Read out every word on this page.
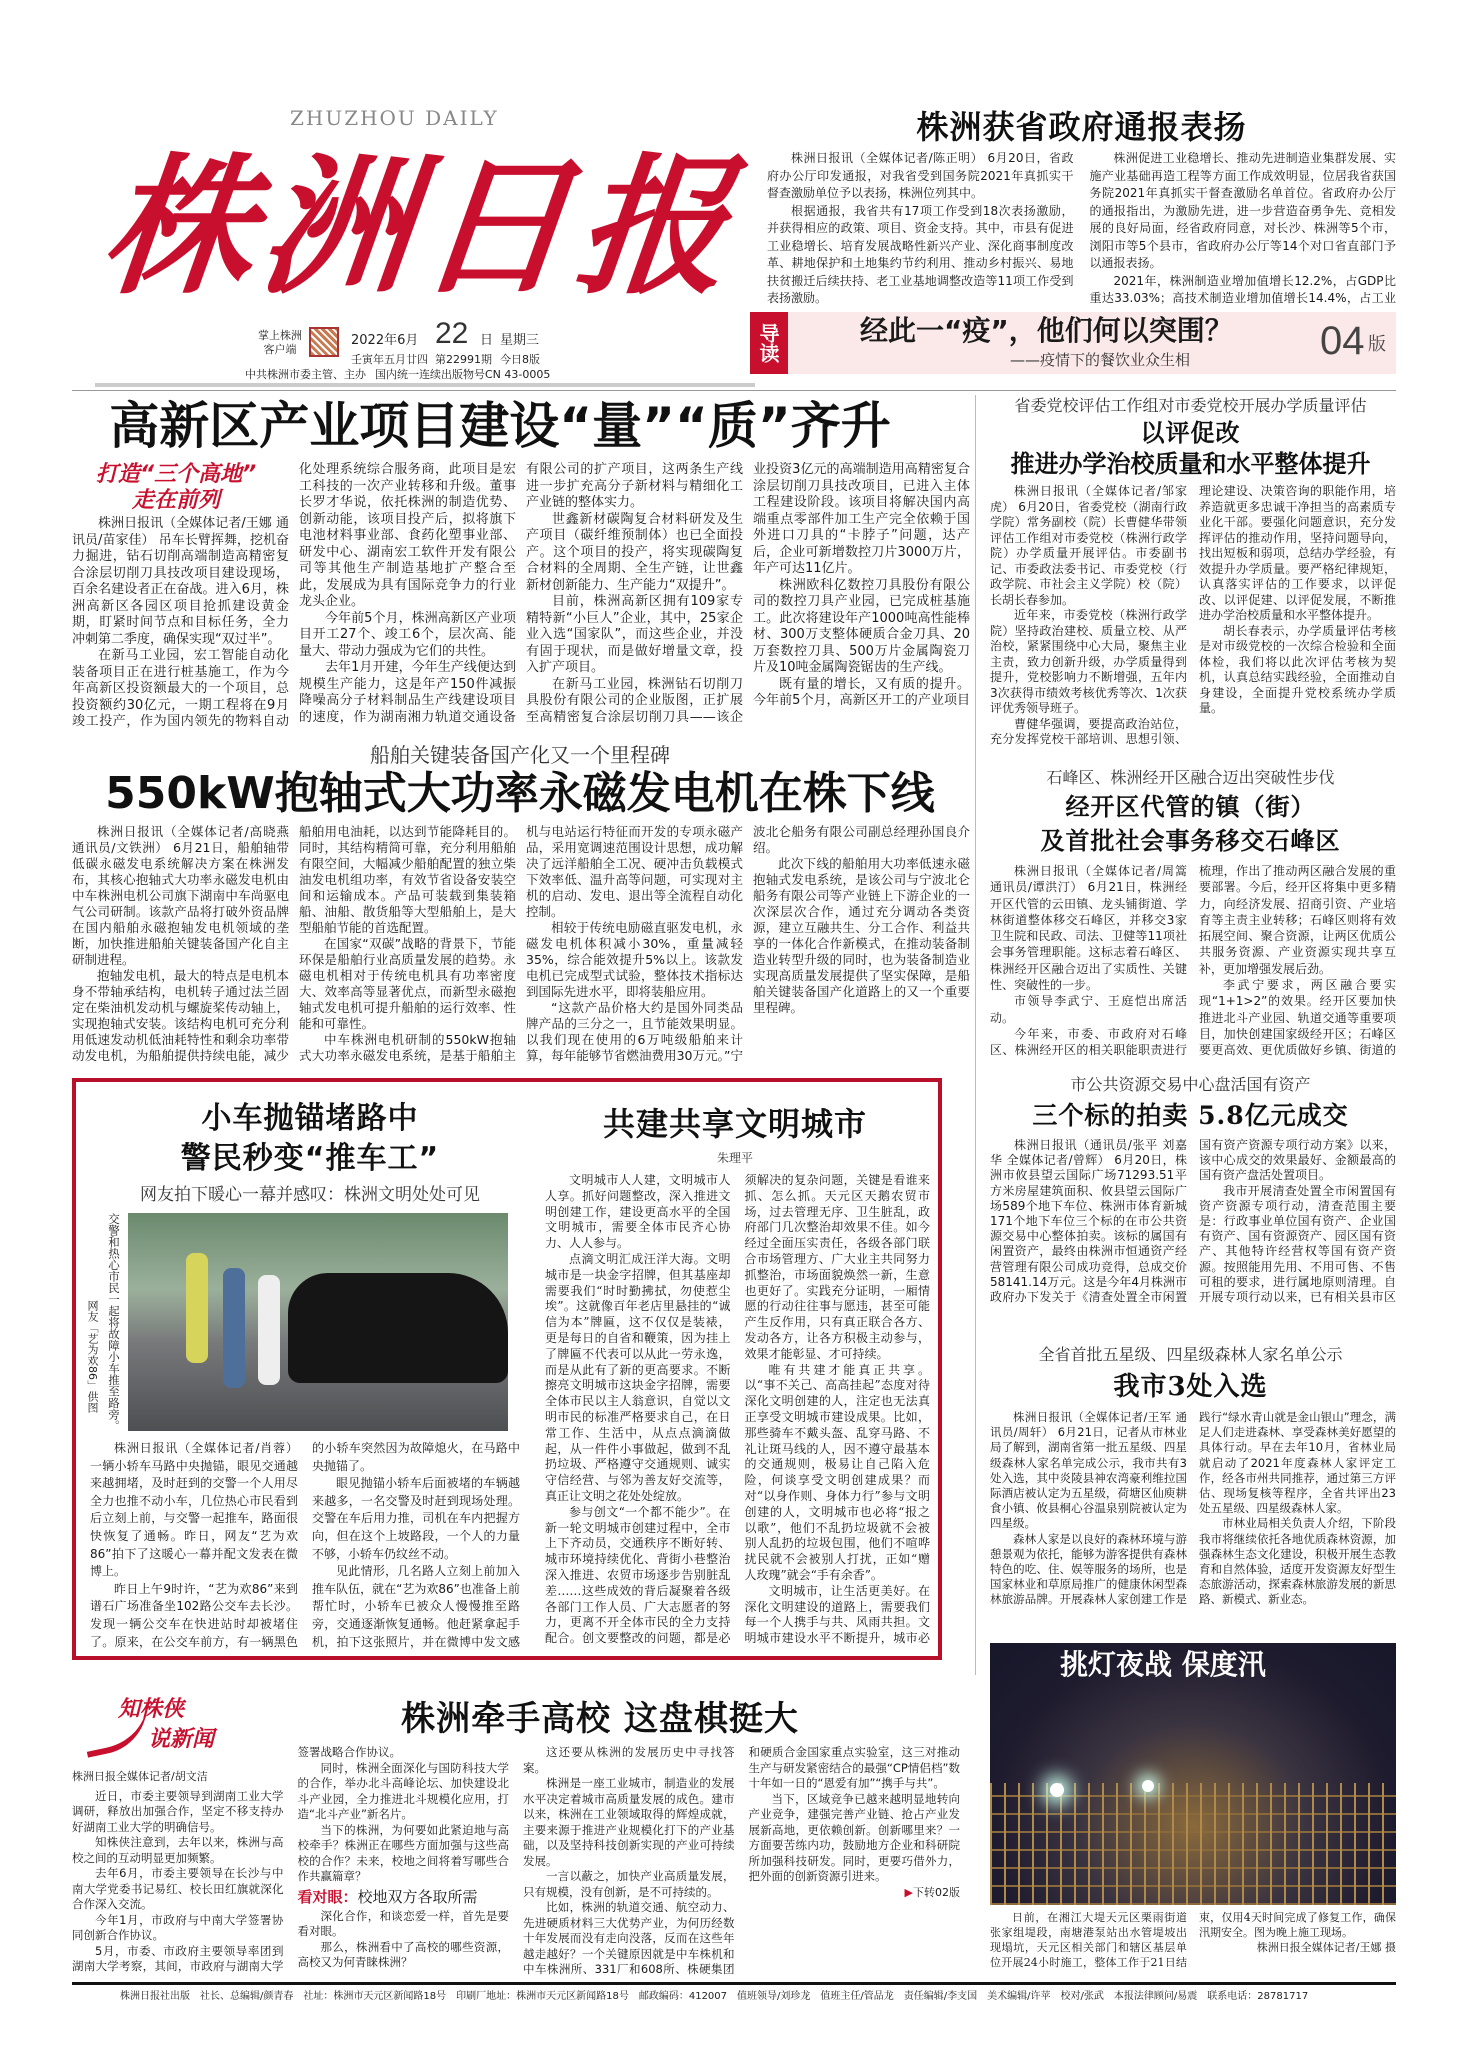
ZHUZHOU DAILY
株洲日报
掌上株洲
客户端
2022年6月 22 日 星期三
壬寅年五月廿四 第22991期 今日8版
中共株洲市委主管、主办 国内统一连续出版物号CN 43-0005
株洲获省政府通报表扬

株洲日报讯（全媒体记者/陈正明） 6月20日，省政府办公厅印发通报，对我省受到国务院2021年真抓实干督查激励单位予以表扬，株洲位列其中。

根据通报，我省共有17项工作受到18次表扬激励，并获得相应的政策、项目、资金支持。其中，市县有促进工业稳增长、培育发展战略性新兴产业、深化商事制度改革、耕地保护和土地集约节约利用、推动乡村振兴、易地扶贫搬迁后续扶持、老工业基地调整改造等11项工作受到表扬激励。

株洲促进工业稳增长、推动先进制造业集群发展、实施产业基础再造工程等方面工作成效明显，位居我省获国务院2021年真抓实干督查激励名单首位。省政府办公厅的通报指出，为激励先进，进一步营造奋勇争先、竞相发展的良好局面，经省政府同意，对长沙、株洲等5个市，浏阳市等5个县市，省政府办公厅等14个对口省直部门予以通报表扬。

2021年，株洲制造业增加值增长12.2%，占GDP比重达33.03%；高技术制造业增加值增长14.4%，占工业

导读	经此一“疫”，他们何以突围？
——疫情下的餐饮业众生相	04 版
高新区产业项目建设“量”“质”齐升
打造“三个高地”
走在前列

株洲日报讯（全媒体记者/王娜 通讯员/苗家佳） 吊车长臂挥舞，挖机奋力掘进，钻石切削高端制造高精密复合涂层切削刀具技改项目建设现场，百余名建设者正在奋战。进入6月，株洲高新区各园区项目抢抓建设黄金期，盯紧时间节点和目标任务，全力冲刺第二季度，确保实现“双过半”。

在新马工业园，宏工智能自动化装备项目正在进行桩基施工，作为今年高新区投资额最大的一个项目，总投资额约30亿元，一期工程将在9月竣工投产，作为国内领先的物料自动化处理系统综合服务商，此项目是宏工科技的一次产业转移和升级。董事长罗才华说，依托株洲的制造优势、创新动能，该项目投产后，拟将旗下电池材料事业部、食药化塑事业部、研发中心、湖南宏工软件开发有限公司等其他生产制造基地扩产整合至此，发展成为具有国际竞争力的行业龙头企业。

今年前5个月，株洲高新区产业项目开工27个、竣工6个，层次高、能量大、带动力强成为它们的共性。

去年1月开建，今年生产线便达到规模生产能力，这是年产150件减振降噪高分子材料制品生产线建设项目的速度，作为湖南湘力轨道交通设备有限公司的扩产项目，这两条生产线进一步扩充高分子新材料与精细化工产业链的整体实力。

世鑫新材碳陶复合材料研发及生产项目（碳纤维预制体）也已全面投产。这个项目的投产，将实现碳陶复合材料的全周期、全生产链，让世鑫新材创新能力、生产能力“双提升”。

目前，株洲高新区拥有109家专精特新“小巨人”企业，其中，25家企业入选“国家队”，而这些企业，并没有固于现状，而是做好增量文章，投入扩产项目。

在新马工业园，株洲钻石切削刀具股份有限公司的企业版图，正扩展至高精密复合涂层切削刀具——该企业投资3亿元的高端制造用高精密复合涂层切削刀具技改项目，已进入主体工程建设阶段。该项目将解决国内高端重点零部件加工生产完全依赖于国外进口刀具的“卡脖子”问题，达产后，企业可新增数控刀片3000万片，年产可达11亿片。

株洲欧科亿数控刀具股份有限公司的数控刀具产业园，已完成桩基施工。此次将建设年产1000吨高性能棒材、300万支整体硬质合金刀具、20万套数控刀具、500万片金属陶瓷刀片及10吨金属陶瓷锯齿的生产线。

既有量的增长，又有质的提升。今年前5个月，高新区开工的产业项目

省委党校评估工作组对市委党校开展办学质量评估
以评促改
推进办学治校质量和水平整体提升

株洲日报讯（全媒体记者/邹家虎） 6月20日，省委党校（湖南行政学院）常务副校（院）长曹健华带领评估工作组对市委党校（株洲行政学院）办学质量开展评估。市委副书记、市委政法委书记、市委党校（行政学院、市社会主义学院）校（院）长胡长春参加。

近年来，市委党校（株洲行政学院）坚持政治建校、质量立校、从严治校，紧紧围绕中心大局，聚焦主业主责，致力创新升级，办学质量得到提升，党校影响力不断增强，五年内3次获得市绩效考核优秀等次、1次获评优秀领导班子。

曹健华强调，要提高政治站位，充分发挥党校干部培训、思想引领、理论建设、决策咨询的职能作用，培养造就更多忠诚干净担当的高素质专业化干部。要强化问题意识，充分发挥评估的推动作用，坚持问题导向，找出短板和弱项，总结办学经验，有效提升办学质量。要严格纪律规矩，认真落实评估的工作要求，以评促改、以评促建、以评促发展，不断推进办学治校质量和水平整体提升。

胡长春表示，办学质量评估考核是对市级党校的一次综合检验和全面体检，我们将以此次评估考核为契机，认真总结实践经验，全面推动自身建设，全面提升党校系统办学质量。

船舶关键装备国产化又一个里程碑
550kW抱轴式大功率永磁发电机在株下线

株洲日报讯（全媒体记者/高晓燕 通讯员/文铁洲） 6月21日，船舶轴带低碳永磁发电系统解决方案在株洲发布，其核心抱轴式大功率永磁发电机由中车株洲电机公司旗下湖南中车尚驱电气公司研制。该款产品将打破外资品牌在国内船舶永磁抱轴发电机领域的垄断，加快推进船舶关键装备国产化自主研制进程。

抱轴发电机，最大的特点是电机本身不带轴承结构，电机转子通过法兰固定在柴油机发动机与螺旋桨传动轴上，实现抱轴式安装。该结构电机可充分利用低速发动机低油耗特性和剩余功率带动发电机，为船舶提供持续电能，减少船舶用电油耗，以达到节能降耗目的。同时，其结构精简可靠，充分利用船舶有限空间，大幅减少船舶配置的独立柴油发电机组功率，有效节省设备安装空间和运输成本。产品可装载到集装箱船、油船、散货船等大型船舶上，是大型船舶节能的首选配置。

在国家“双碳”战略的背景下，节能环保是船舶行业高质量发展的趋势。永磁电机相对于传统电机具有功率密度大、效率高等显著优点，而新型永磁抱轴式发电机可提升船舶的运行效率、性能和可靠性。

中车株洲电机研制的550kW抱轴式大功率永磁发电系统，是基于船舶主机与电站运行特征而开发的专项永磁产品，采用宽调速范围设计思想，成功解决了远洋船舶全工况、硬冲击负载模式下效率低、温升高等问题，可实现对主机的启动、发电、退出等全流程自动化控制。

相较于传统电励磁直驱发电机，永磁发电机体积减小30%，重量减轻35%，综合能效提升5%以上。该款发电机已完成型式试验，整体技术指标达到国际先进水平，即将装船应用。

“这款产品价格大约是国外同类品牌产品的三分之一，且节能效果明显。以我们现在使用的6万吨级船舶来计算，每年能够节省燃油费用30万元。”宁波北仑船务有限公司副总经理孙国良介绍。

此次下线的船舶用大功率低速永磁抱轴式发电系统，是该公司与宁波北仑船务有限公司等产业链上下游企业的一次深层次合作，通过充分调动各类资源，建立互融共生、分工合作、利益共享的一体化合作新模式，在推动装备制造业转型升级的同时，也为装备制造业实现高质量发展提供了坚实保障，是船舶关键装备国产化道路上的又一个重要里程碑。

石峰区、株洲经开区融合迈出突破性步伐
经开区代管的镇（街）
及首批社会事务移交石峰区

株洲日报讯（全媒体记者/周篙 通讯员/谭洪汀） 6月21日，株洲经开区代管的云田镇、龙头铺街道、学林街道整体移交石峰区，并移交3家卫生院和民政、司法、卫健等11项社会事务管理职能。这标志着石峰区、株洲经开区融合迈出了实质性、关键性、突破性的一步。

市领导李武宁、王庭恺出席活动。

今年来，市委、市政府对石峰区、株洲经开区的相关职能职责进行梳理，作出了推动两区融合发展的重要部署。今后，经开区将集中更多精力，向经济发展、招商引资、产业培育等主责主业转移；石峰区则将有效拓展空间、聚合资源，让两区优质公共服务资源、产业资源实现共享互补，更加增强发展后劲。

李武宁要求，两区融合要实现“1+1>2”的效果。经开区要加快推进北斗产业园、轨道交通等重要项目，加快创建国家级经开区；石峰区要更高效、更优质做好乡镇、街道的

小车抛锚堵路中
警民秒变“推车工”
网友拍下暖心一幕并感叹：株洲文明处处可见
交警和热心市民一起将故障小车推至路旁。
网友「艺为欢86」供图

株洲日报讯（全媒体记者/肖蓉） 一辆小轿车马路中央抛锚，眼见交通越来越拥堵，及时赶到的交警一个人用尽全力也推不动小车，几位热心市民看到后立刻上前，与交警一起推车，路面很快恢复了通畅。昨日，网友“艺为欢86”拍下了这暖心一幕并配文发表在微博上。

昨日上午9时许，“艺为欢86”来到谱石广场准备坐102路公交车去长沙。发现一辆公交车在快进站时却被堵住了。原来，在公交车前方，有一辆黑色的小轿车突然因为故障熄火，在马路中央抛锚了。

眼见抛锚小轿车后面被堵的车辆越来越多，一名交警及时赶到现场处理。交警在车后用力推，司机在车内把握方向，但在这个上坡路段，一个人的力量不够，小轿车仍纹丝不动。

见此情形，几名路人立刻上前加入推车队伍，就在“艺为欢86”也准备上前帮忙时，小轿车已被众人慢慢推至路旁，交通逐渐恢复通畅。他赶紧拿起手机，拍下这张照片，并在微博中发文感

共建共享文明城市
朱理平

文明城市人人建，文明城市人人享。抓好问题整改，深入推进文明创建工作，建设更高水平的全国文明城市，需要全体市民齐心协力、人人参与。

点滴文明汇成汪洋大海。文明城市是一块金字招牌，但其基座却需要我们“时时勤拂拭，勿使惹尘埃”。这就像百年老店里悬挂的“诚信为本”牌匾，这不仅仅是装裱，更是每日的自省和鞭策，因为挂上了牌匾不代表可以从此一劳永逸，而是从此有了新的更高要求。不断擦亮文明城市这块金字招牌，需要全体市民以主人翁意识，自觉以文明市民的标准严格要求自己，在日常工作、生活中，从点点滴滴做起，从一件件小事做起，做到不乱扔垃圾、严格遵守交通规则、诚实守信经营、与邻为善友好交流等，真正让文明之花处处绽放。

参与创文“一个都不能少”。在新一轮文明城市创建过程中，全市上下齐动员，交通秩序不断好转、城市环境持续优化、背街小巷整治深入推进、农贸市场逐步告别脏乱差……这些成效的背后凝聚着各级各部门工作人员、广大志愿者的努力，更离不开全体市民的全力支持配合。创文要整改的问题，都是必须解决的复杂问题，关键是看谁来抓、怎么抓。天元区天鹅农贸市场，过去管理无序、卫生脏乱，政府部门几次整治却效果不佳。如今经过全面压实责任，各级各部门联合市场管理方、广大业主共同努力抓整治，市场面貌焕然一新，生意也更好了。实践充分证明，一厢情愿的行动往往事与愿违，甚至可能产生反作用，只有真正联合各方、发动各方，让各方积极主动参与，效果才能彰显、才可持续。

唯有共建才能真正共享。以“事不关己、高高挂起”态度对待深化文明创建的人，注定也无法真正享受文明城市建设成果。比如，那些骑车不戴头盔、乱穿马路、不礼让斑马线的人，因不遵守最基本的交通规则，极易让自己陷入危险，何谈享受文明创建成果？而对“以身作则、身体力行”参与文明创建的人，文明城市也必将“报之以歌”，他们不乱扔垃圾就不会被别人乱扔的垃圾包围，他们不喧哗扰民就不会被别人打扰，正如“赠人玫瑰”就会“手有余香”。

文明城市，让生活更美好。在深化文明建设的道路上，需要我们每一个人携手与共、风雨共担。文明城市建设水平不断提升，城市必

市公共资源交易中心盘活国有资产
三个标的拍卖 5.8亿元成交

株洲日报讯（通讯员/张平 刘嘉华 全媒体记者/曾辉） 6月20日，株洲市攸县望云国际广场71293.51平方米房屋建筑面积、攸县望云国际广场589个地下车位、株洲市体育新城171个地下车位三个标的在市公共资源交易中心整体拍卖。该标的属国有闲置资产，最终由株洲市恒通资产经营管理有限公司成功竞得，总成交价58141.14万元。这是今年4月株洲市政府办下发关于《清查处置全市闲置国有资产资源专项行动方案》以来，该中心成交的效果最好、金额最高的国有资产盘活处置项目。

我市开展清查处置全市闲置国有资产资源专项行动，清查范围主要是：行政事业单位国有资产、企业国有资产、国有资源资产、园区国有资产、其他特许经营权等国有资产资源。按照能用先用、不用可售、不售可租的要求，进行属地原则清理。自开展专项行动以来，已有相关县市区

全省首批五星级、四星级森林人家名单公示
我市3处入选

株洲日报讯（全媒体记者/王军 通讯员/周轩） 6月21日，记者从市林业局了解到，湖南省第一批五星级、四星级森林人家名单完成公示，我市共有3处入选，其中炎陵县神农湾豪利维拉国际酒店被认定为五星级，荷塘区仙庾耕食小镇、攸县桐心谷温泉别院被认定为四星级。

森林人家是以良好的森林环境与游憩景观为依托，能够为游客提供有森林特色的吃、住、娱等服务的场所，也是国家林业和草原局推广的健康休闲型森林旅游品牌。开展森林人家创建工作是践行“绿水青山就是金山银山”理念，满足人们走进森林、享受森林美好愿望的具体行动。早在去年10月，省林业局就启动了2021年度森林人家评定工作，经各市州共同推荐，通过第三方评估、现场复核等程序，全省共评出23处五星级、四星级森林人家。

市林业局相关负责人介绍，下阶段我市将继续依托各地优质森林资源，加强森林生态文化建设，积极开展生态教育和自然体验，适度开发资源友好型生态旅游活动，探索森林旅游发展的新思路、新模式、新业态。

挑灯夜战 保度汛

日前，在湘江大堤天元区栗雨街道张家组堤段，南塘港泵站出水管堤坡出现塌坑，天元区相关部门和辖区基层单位开展24小时施工，整体工作于21日结束，仅用4天时间完成了修复工作，确保汛期安全。图为晚上施工现场。

株洲日报全媒体记者/王娜 摄
知株侠
说新闻
株洲牵手高校 这盘棋挺大
株洲日报全媒体记者/胡文洁

近日，市委主要领导到湖南工业大学调研，释放出加强合作，坚定不移支持办好湖南工业大学的明确信号。

知株侠注意到，去年以来，株洲与高校之间的互动明显更加频繁。

去年6月，市委主要领导在长沙与中南大学党委书记易红、校长田红旗就深化合作深入交流。

今年1月，市政府与中南大学签署协同创新合作协议。

5月，市委、市政府主要领导率团到湖南大学考察，其间，市政府与湖南大学签署战略合作协议。

同时，株洲全面深化与国防科技大学的合作，举办北斗高峰论坛、加快建设北斗产业园，全力推进北斗规模化应用，打造“北斗产业”新名片。

当下的株洲，为何要如此紧迫地与高校牵手？株洲正在哪些方面加强与这些高校的合作？未来，校地之间将着写哪些合作共赢篇章？

看对眼：校地双方各取所需

深化合作，和谈恋爱一样，首先是要看对眼。

那么，株洲看中了高校的哪些资源，高校又为何青睐株洲？

这还要从株洲的发展历史中寻找答案。

株洲是一座工业城市，制造业的发展水平决定着城市高质量发展的成色。建市以来，株洲在工业领域取得的辉煌成就，主要来源于推进产业规模化打下的产业基础，以及坚持科技创新实现的产业可持续发展。

一言以蔽之，加快产业高质量发展，只有规模，没有创新，是不可持续的。

比如，株洲的轨道交通、航空动力、先进硬质材料三大优势产业，为何历经数十年发展而没有走向没落，反而在这些年越走越好？一个关键原因就是中车株机和中车株洲所、331厂和608所、株硬集团和硬质合金国家重点实验室，这三对推动生产与研发紧密结合的最强“CP情侣档”数十年如一日的“恩爱有加”“携手与共”。

当下，区域竞争已越来越明显地转向产业竞争，建强完善产业链、抢占产业发展新高地，更依赖创新。创新哪里来？一方面要苦练内功，鼓励地方企业和科研院所加强科技研发。同时，更要巧借外力，把外面的创新资源引进来。

▶下转02版
株洲日报社出版 社长、总编辑/颜青春 社址：株洲市天元区新闻路18号 印刷厂地址：株洲市天元区新闻路18号 邮政编码：412007 值班领导/刘珍龙 值班主任/管品龙 责任编辑/李支国 美术编辑/许苹 校对/张武 本报法律顾问/易震 联系电话：28781717
